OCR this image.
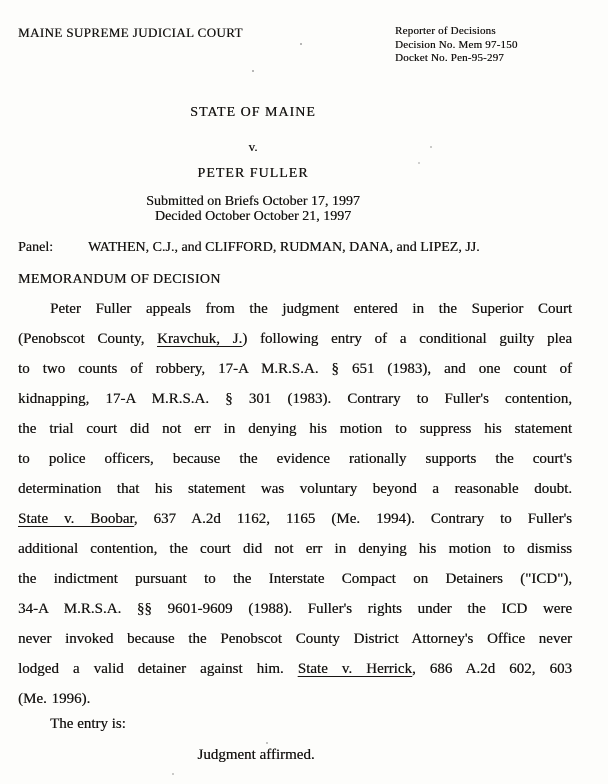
MAINE SUPREME JUDICIAL COURT	Reporter of Decisions
Decision No. Mem 97-150
Docket No. Pen-95-297
STATE OF MAINE
v.
PETER FULLER
Submitted on Briefs October 17, 1997
Decided October October 21, 1997
Panel:	WATHEN, C.J., and CLIFFORD, RUDMAN, DANA, and LIPEZ, JJ.
MEMORANDUM OF DECISION
Peter Fuller appeals from the judgment entered in the Superior Court
(Penobscot County, Kravchuk, J.) following entry of a conditional guilty plea
to two counts of robbery, 17-A M.R.S.A. § 651 (1983), and one count of
kidnapping, 17-A M.R.S.A. § 301 (1983). Contrary to Fuller's contention,
the trial court did not err in denying his motion to suppress his statement
to police officers, because the evidence rationally supports the court's
determination that his statement was voluntary beyond a reasonable doubt.
State v. Boobar, 637 A.2d 1162, 1165 (Me. 1994). Contrary to Fuller's
additional contention, the court did not err in denying his motion to dismiss
the indictment pursuant to the Interstate Compact on Detainers ("ICD"),
34-A M.R.S.A. §§ 9601-9609 (1988). Fuller's rights under the ICD were
never invoked because the Penobscot County District Attorney's Office never
lodged a valid detainer against him. State v. Herrick, 686 A.2d 602, 603
(Me. 1996).
The entry is:
Judgment affirmed.
